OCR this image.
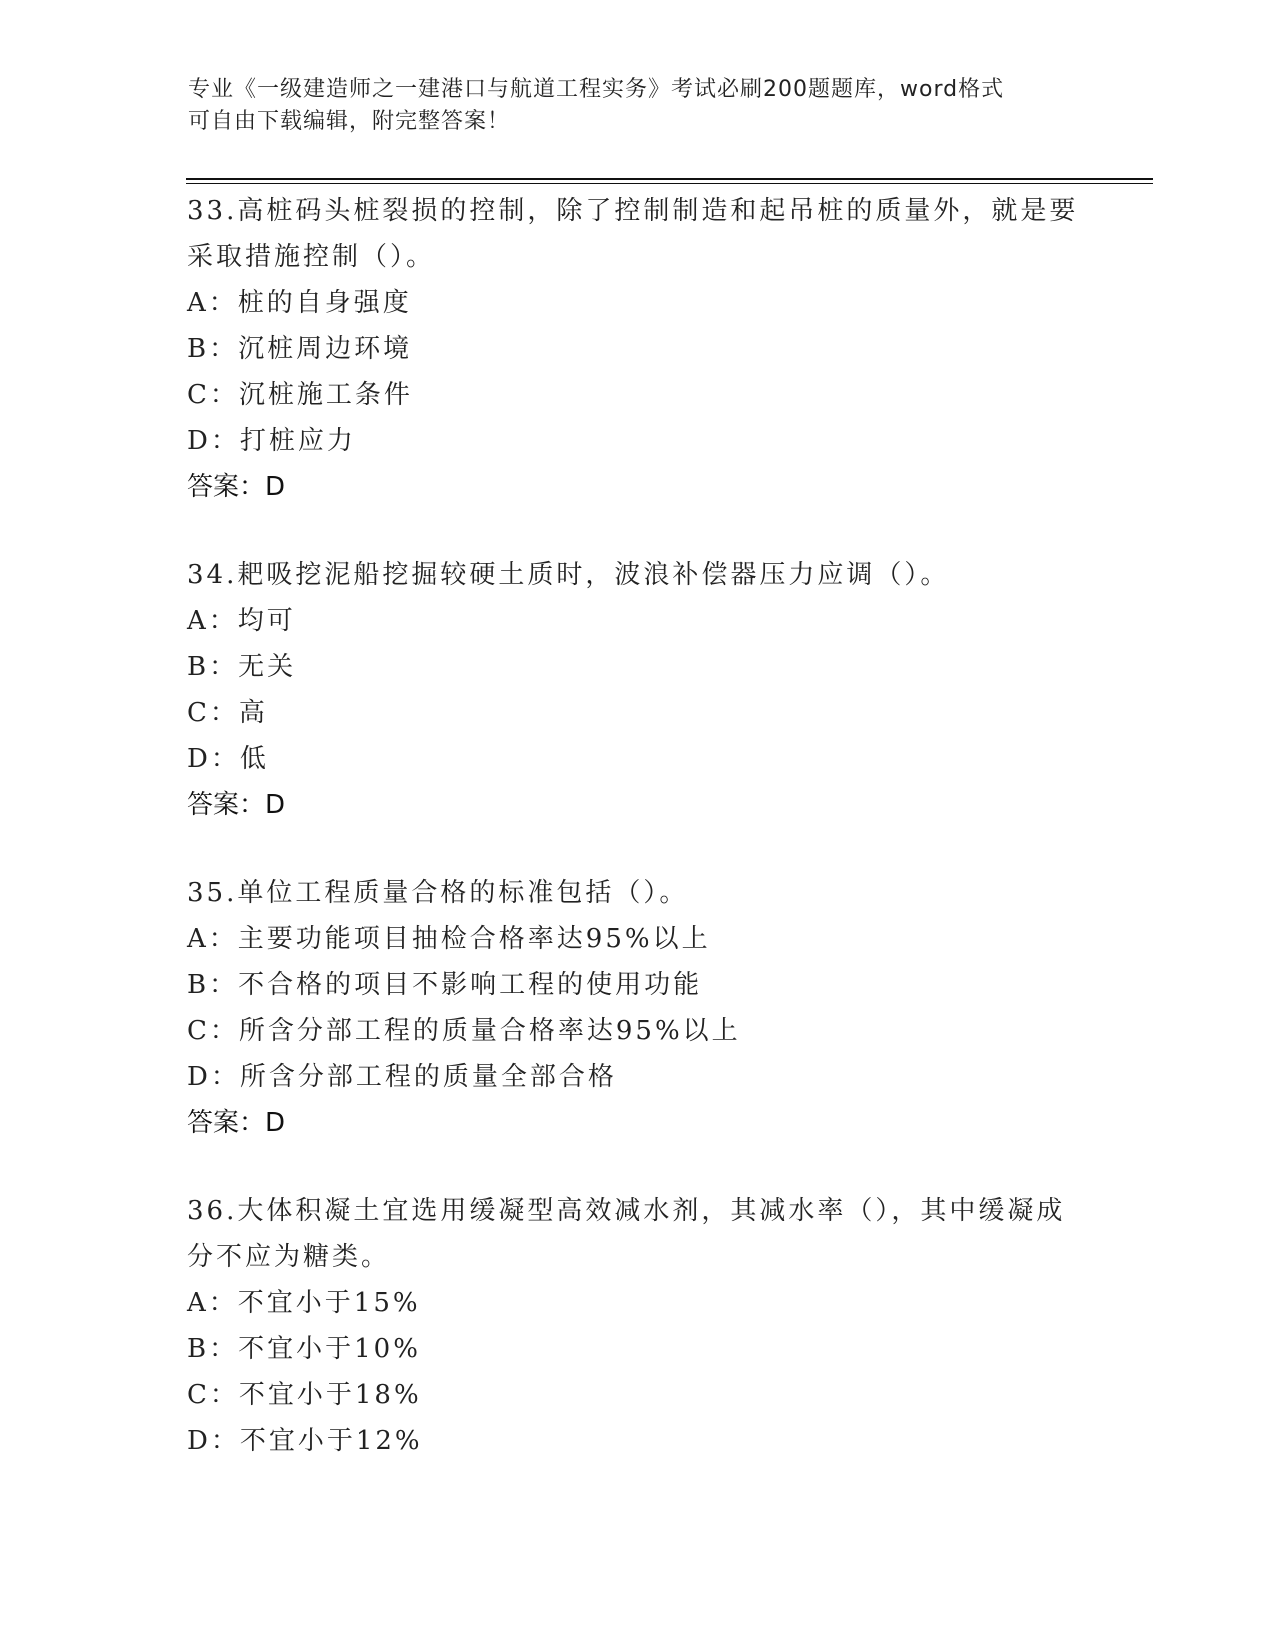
专业《一级建造师之一建港口与航道工程实务》考试必刷200题题库，word格式
可自由下载编辑，附完整答案！
33.高桩码头桩裂损的控制，除了控制制造和起吊桩的质量外，就是要
采取措施控制（）。
A：桩的自身强度
B：沉桩周边环境
C：沉桩施工条件
D：打桩应力
答案：D
34.耙吸挖泥船挖掘较硬土质时，波浪补偿器压力应调（）。
A：均可
B：无关
C：高
D：低
答案：D
35.单位工程质量合格的标准包括（）。
A：主要功能项目抽检合格率达95%以上
B：不合格的项目不影响工程的使用功能
C：所含分部工程的质量合格率达95%以上
D：所含分部工程的质量全部合格
答案：D
36.大体积凝土宜选用缓凝型高效减水剂，其减水率（），其中缓凝成
分不应为糖类。
A：不宜小于15%
B：不宜小于10%
C：不宜小于18%
D：不宜小于12%
